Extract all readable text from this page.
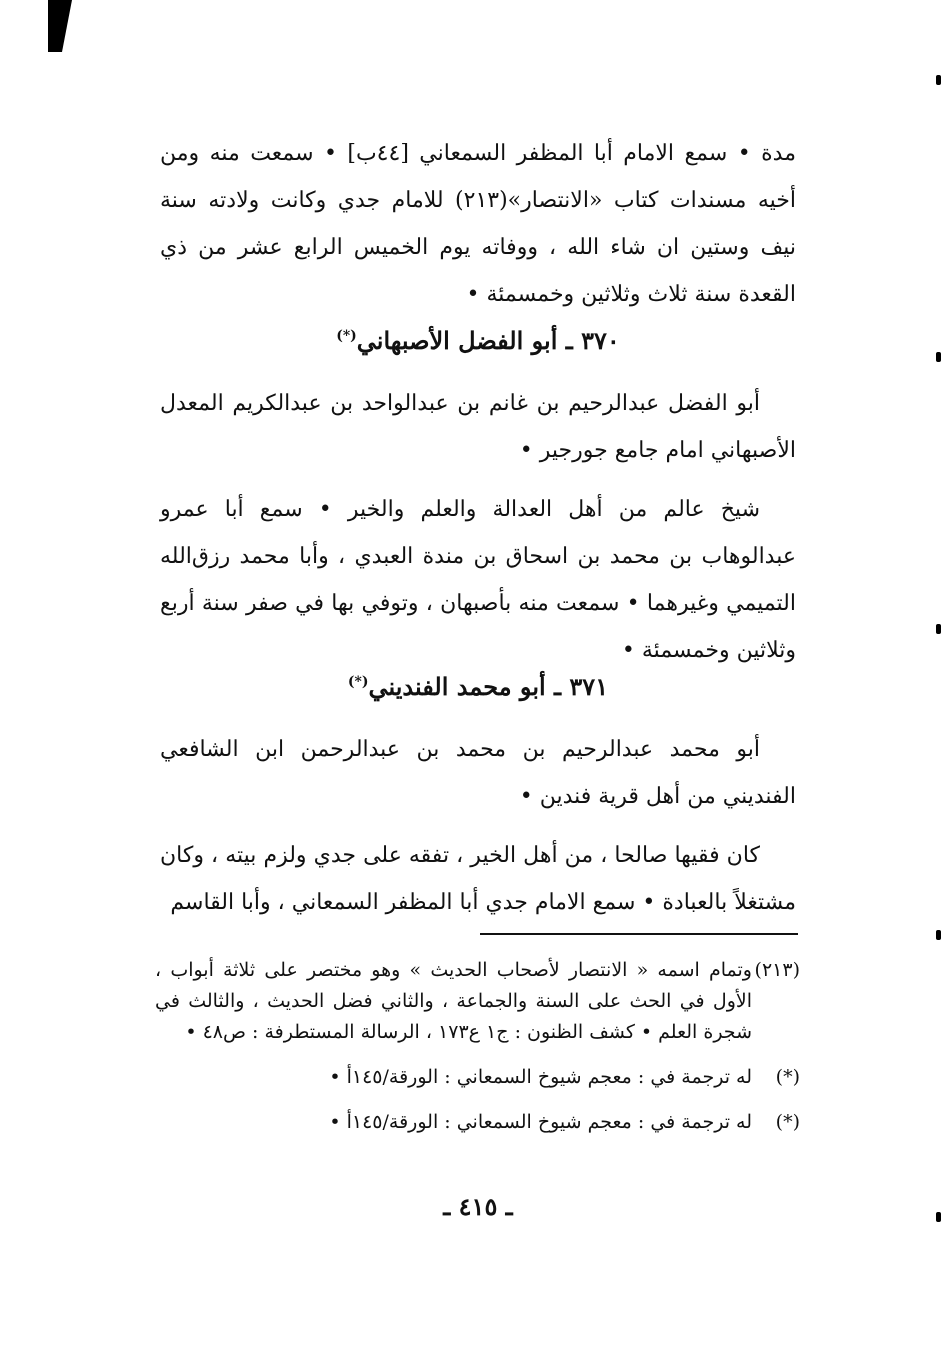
مدة • سمع الامام أبا المظفر السمعاني [٤٤ب] • سمعت منه ومن أخيه مسندات كتاب «الانتصار»(٢١٣) للامام جدي وكانت ولادته سنة نيف وستين ان شاء الله ، ووفاته يوم الخميس الرابع عشر من ذي القعدة سنة ثلاث وثلاثين وخمسمئة •

٣٧٠ ـ أبو الفضل الأصبهاني(*)

أبو الفضل عبدالرحيم بن غانم بن عبدالواحد بن عبدالكريم المعدل الأصبهاني امام جامع جورجير •

شيخ عالم من أهل العدالة والعلم والخير • سمع أبا عمرو عبدالوهاب بن محمد بن اسحاق بن مندة العبدي ، وأبا محمد رزق‌الله التميمي وغيرهما • سمعت منه بأصبهان ، وتوفي بها في صفر سنة أربع وثلاثين وخمسمئة •

٣٧١ ـ أبو محمد الفنديني(*)

أبو محمد عبدالرحيم بن محمد بن عبدالرحمن ابن الشافعي الفنديني من أهل قرية فندين •

كان فقيها صالحا ، من أهل الخير ، تفقه على جدي ولزم بيته ، وكان مشتغلاً بالعبادة • سمع الامام جدي أبا المظفر السمعاني ، وأبا القاسم

(٢١٣)
وتمام اسمه « الانتصار لأصحاب الحديث » وهو مختصر على ثلاثة أبواب ، الأول في الحث على السنة والجماعة ، والثاني فضل الحديث ، والثالث في شجرة العلم • كشف الظنون : ج١ ع١٧٣ ، الرسالة المستطرفة : ص٤٨ •
(*)
له ترجمة في : معجم شيوخ السمعاني : الورقة/١٤٥أ •
(*)
له ترجمة في : معجم شيوخ السمعاني : الورقة/١٤٥أ •
ـ ٤١٥ ـ
